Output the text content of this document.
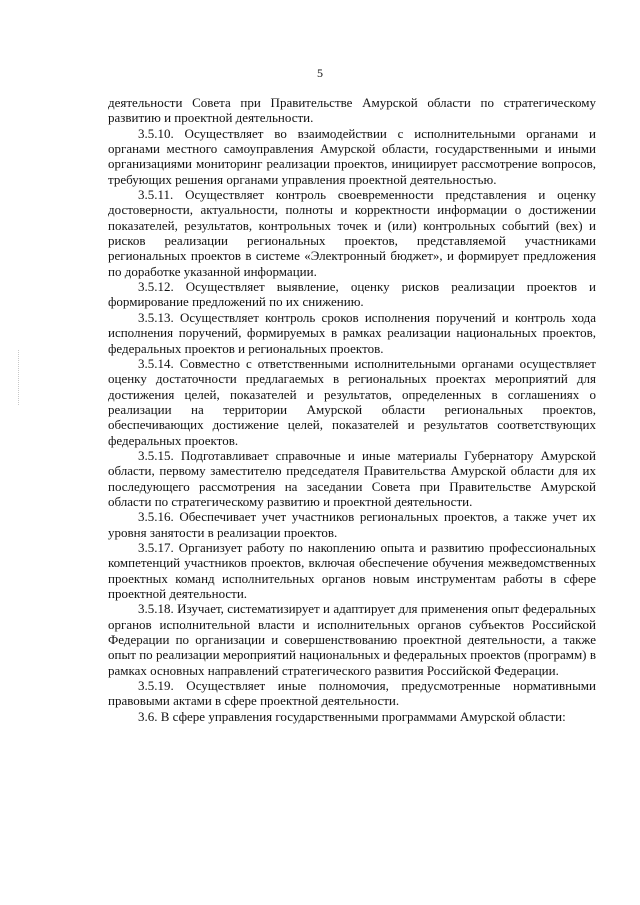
5

деятельности Совета при Правительстве Амурской области по стратегическому развитию и проектной деятельности.

3.5.10. Осуществляет во взаимодействии с исполнительными органами и органами местного самоуправления Амурской области, государственными и иными организациями мониторинг реализации проектов, инициирует рассмотрение вопросов, требующих решения органами управления проектной деятельностью.

3.5.11. Осуществляет контроль своевременности представления и оценку достоверности, актуальности, полноты и корректности информации о достижении показателей, результатов, контрольных точек и (или) контрольных событий (вех) и рисков реализации региональных проектов, представляемой участниками региональных проектов в системе «Электронный бюджет», и формирует предложения по доработке указанной информации.

3.5.12. Осуществляет выявление, оценку рисков реализации проектов и формирование предложений по их снижению.

3.5.13. Осуществляет контроль сроков исполнения поручений и контроль хода исполнения поручений, формируемых в рамках реализации национальных проектов, федеральных проектов и региональных проектов.

3.5.14. Совместно с ответственными исполнительными органами осуществляет оценку достаточности предлагаемых в региональных проектах мероприятий для достижения целей, показателей и результатов, определенных в соглашениях о реализации на территории Амурской области региональных проектов, обеспечивающих достижение целей, показателей и результатов соответствующих федеральных проектов.

3.5.15. Подготавливает справочные и иные материалы Губернатору Амурской области, первому заместителю председателя Правительства Амурской области для их последующего рассмотрения на заседании Совета при Правительстве Амурской области по стратегическому развитию и проектной деятельности.

3.5.16. Обеспечивает учет участников региональных проектов, а также учет их уровня занятости в реализации проектов.

3.5.17. Организует работу по накоплению опыта и развитию профессиональных компетенций участников проектов, включая обеспечение обучения межведомственных проектных команд исполнительных органов новым инструментам работы в сфере проектной деятельности.

3.5.18. Изучает, систематизирует и адаптирует для применения опыт федеральных органов исполнительной власти и исполнительных органов субъектов Российской Федерации по организации и совершенствованию проектной деятельности, а также опыт по реализации мероприятий национальных и федеральных проектов (программ) в рамках основных направлений стратегического развития Российской Федерации.

3.5.19. Осуществляет иные полномочия, предусмотренные нормативными правовыми актами в сфере проектной деятельности.

3.6. В сфере управления государственными программами Амурской области:
